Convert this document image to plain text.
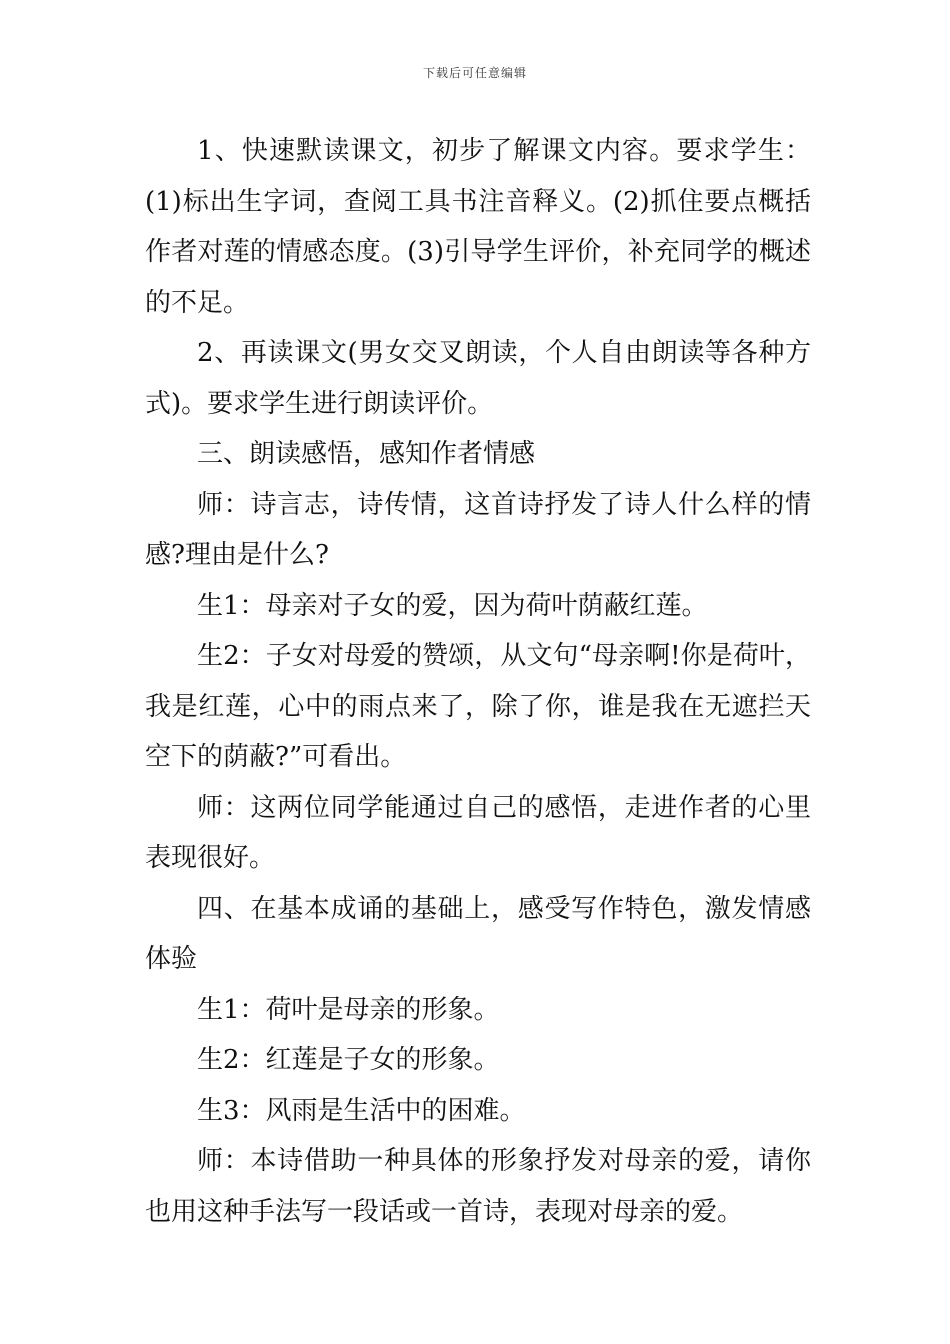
下载后可任意编辑

1、快速默读课文，初步了解课文内容。要求学生：(1)标出生字词，查阅工具书注音释义。(2)抓住要点概括作者对莲的情感态度。(3)引导学生评价，补充同学的概述的不足。

2、再读课文(男女交叉朗读，个人自由朗读等各种方式)。要求学生进行朗读评价。

三、朗读感悟，感知作者情感

师：诗言志，诗传情，这首诗抒发了诗人什么样的情感?理由是什么?

生1：母亲对子女的爱，因为荷叶荫蔽红莲。

生2：子女对母爱的赞颂，从文句“母亲啊!你是荷叶，我是红莲，心中的雨点来了，除了你，谁是我在无遮拦天空下的荫蔽?”可看出。

师：这两位同学能通过自己的感悟，走进作者的心里表现很好。

四、在基本成诵的基础上，感受写作特色，激发情感体验

生1：荷叶是母亲的形象。

生2：红莲是子女的形象。

生3：风雨是生活中的困难。

师：本诗借助一种具体的形象抒发对母亲的爱，请你也用这种手法写一段话或一首诗，表现对母亲的爱。
